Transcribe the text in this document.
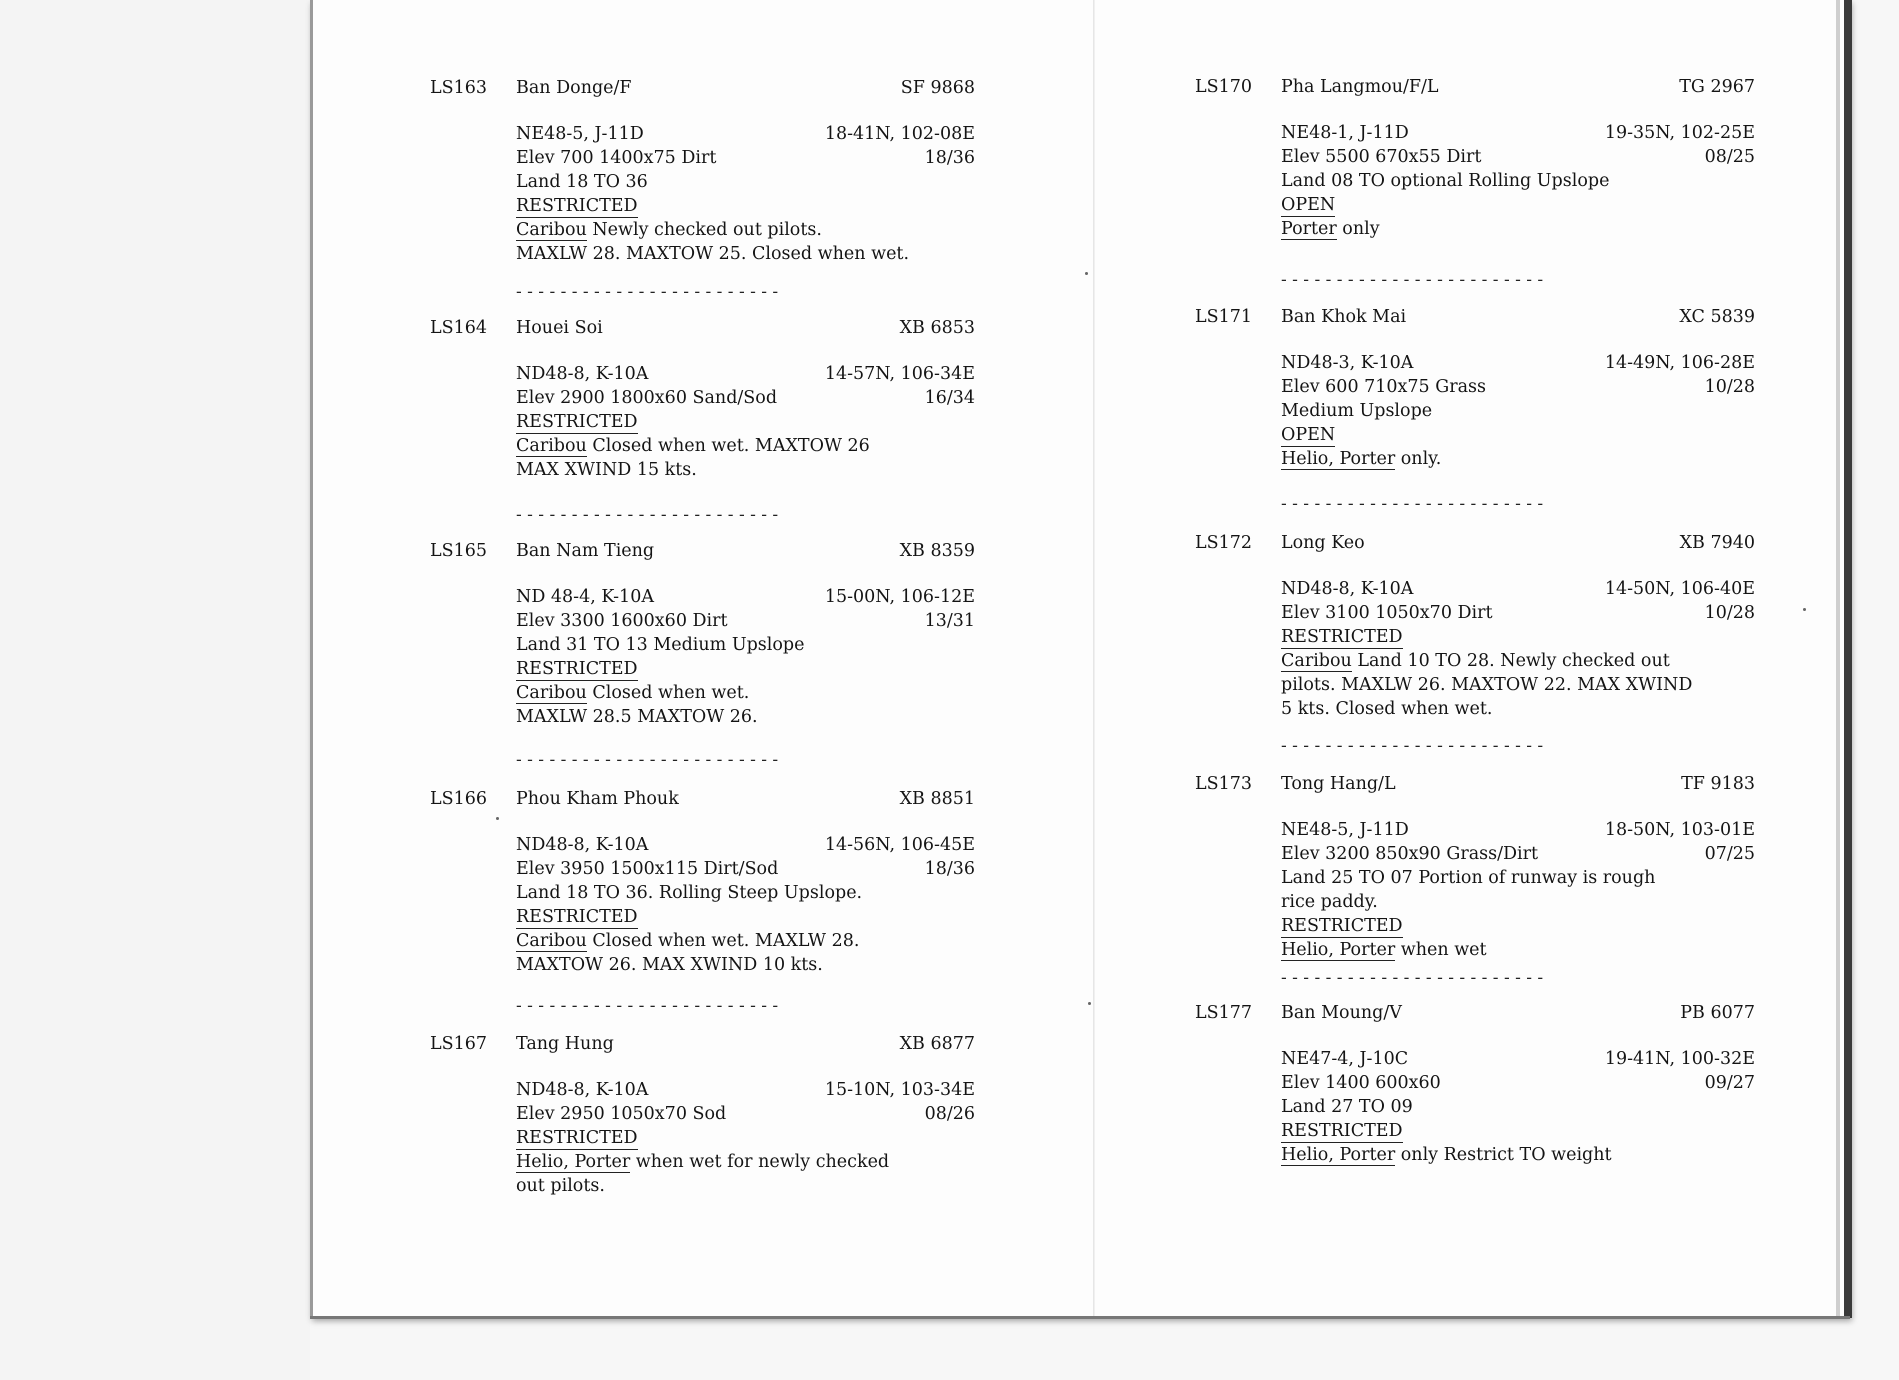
LS163 Ban Donge/F	SF 9868
NE48-5, J-11D	18-41N, 102-08E
Elev 700 1400x75 Dirt	18/36
Land 18 TO 36
RESTRICTED
Caribou Newly checked out pilots.
MAXLW 28. MAXTOW 25. Closed when wet.
LS164 Houei Soi	XB 6853
ND48-8, K-10A	14-57N, 106-34E
Elev 2900 1800x60 Sand/Sod	16/34
RESTRICTED
Caribou Closed when wet. MAXTOW 26
MAX XWIND 15 kts.
LS165 Ban Nam Tieng	XB 8359
ND 48-4, K-10A	15-00N, 106-12E
Elev 3300 1600x60 Dirt	13/31
Land 31 TO 13 Medium Upslope
RESTRICTED
Caribou Closed when wet.
MAXLW 28.5 MAXTOW 26.
LS166 Phou Kham Phouk	XB 8851
ND48-8, K-10A	14-56N, 106-45E
Elev 3950 1500x115 Dirt/Sod	18/36
Land 18 TO 36. Rolling Steep Upslope.
RESTRICTED
Caribou Closed when wet. MAXLW 28.
MAXTOW 26. MAX XWIND 10 kts.
LS167 Tang Hung	XB 6877
ND48-8, K-10A	15-10N, 103-34E
Elev 2950 1050x70 Sod	08/26
RESTRICTED
Helio, Porter when wet for newly checked
out pilots.
- - - - - - - - - - - - - - - - - - - - - - - -
- - - - - - - - - - - - - - - - - - - - - - - -
- - - - - - - - - - - - - - - - - - - - - - - -
- - - - - - - - - - - - - - - - - - - - - - - -
LS170 Pha Langmou/F/L	TG 2967
NE48-1, J-11D	19-35N, 102-25E
Elev 5500 670x55 Dirt	08/25
Land 08 TO optional Rolling Upslope
OPEN
Porter only
LS171 Ban Khok Mai	XC 5839
ND48-3, K-10A	14-49N, 106-28E
Elev 600 710x75 Grass	10/28
Medium Upslope
OPEN
Helio, Porter only.
LS172 Long Keo	XB 7940
ND48-8, K-10A	14-50N, 106-40E
Elev 3100 1050x70 Dirt	10/28
RESTRICTED
Caribou Land 10 TO 28. Newly checked out
pilots. MAXLW 26. MAXTOW 22. MAX XWIND
5 kts. Closed when wet.
LS173 Tong Hang/L	TF 9183
NE48-5, J-11D	18-50N, 103-01E
Elev 3200 850x90 Grass/Dirt	07/25
Land 25 TO 07 Portion of runway is rough
rice paddy.
RESTRICTED
Helio, Porter when wet
LS177 Ban Moung/V	PB 6077
NE47-4, J-10C	19-41N, 100-32E
Elev 1400 600x60	09/27
Land 27 TO 09
RESTRICTED
Helio, Porter only Restrict TO weight
- - - - - - - - - - - - - - - - - - - - - - - -
- - - - - - - - - - - - - - - - - - - - - - - -
- - - - - - - - - - - - - - - - - - - - - - - -
- - - - - - - - - - - - - - - - - - - - - - - -
